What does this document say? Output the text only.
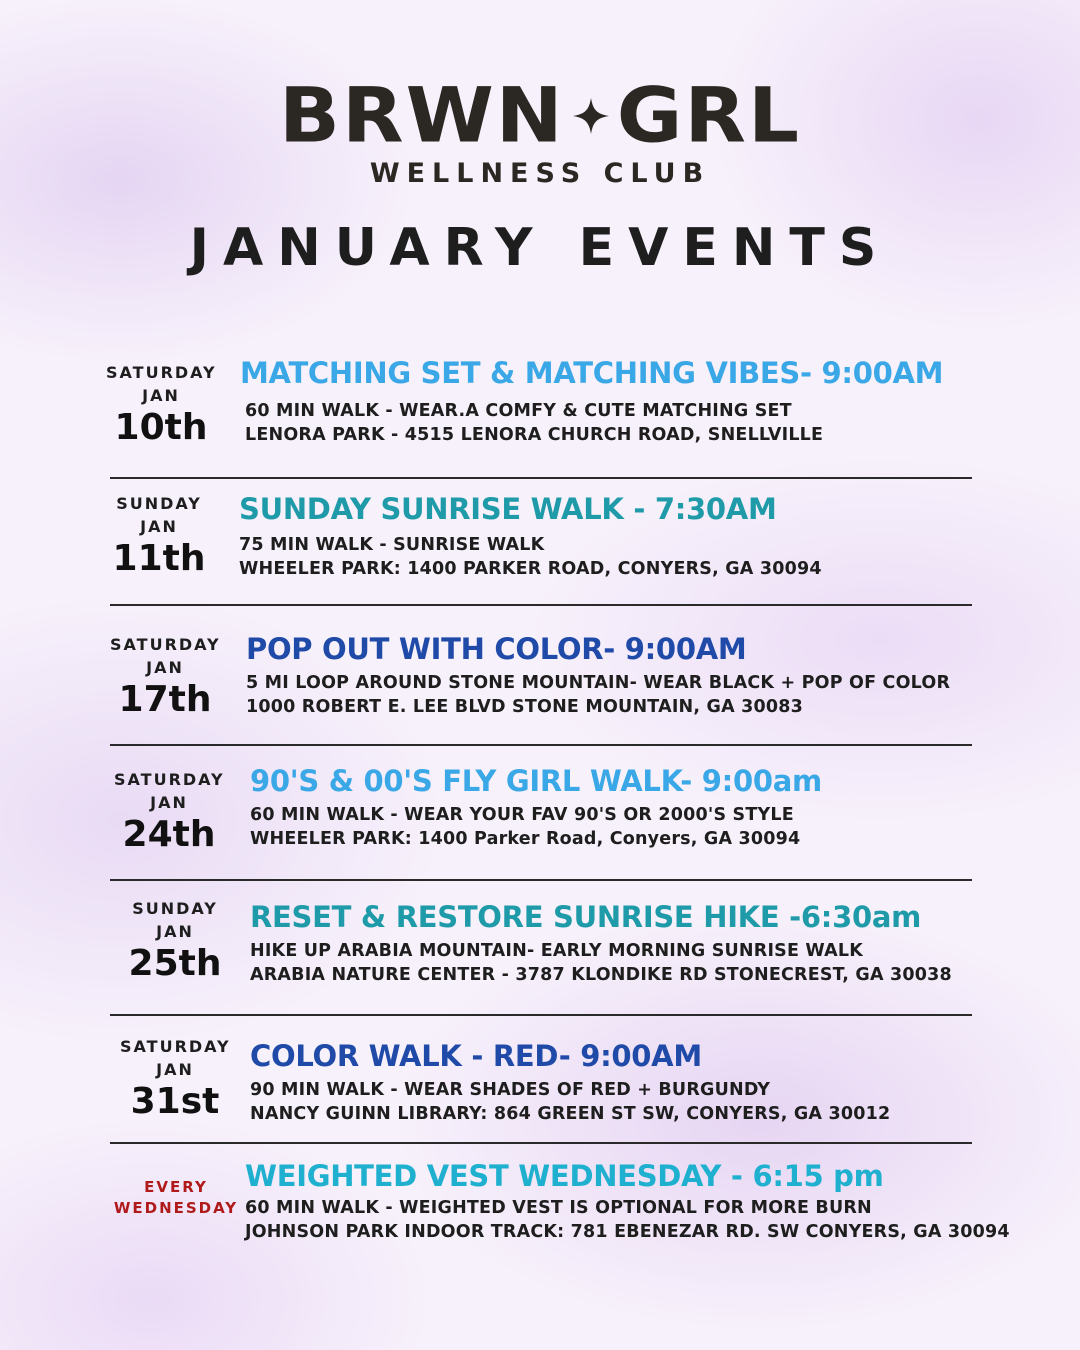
BRWN GRL
WELLNESS CLUB
JANUARY EVENTS
SATURDAY
JAN
10th
MATCHING SET & MATCHING VIBES- 9:00AM
60 MIN WALK - WEAR.A COMFY & CUTE MATCHING SET
LENORA PARK - 4515 LENORA CHURCH ROAD, SNELLVILLE
SUNDAY
JAN
11th
SUNDAY SUNRISE WALK - 7:30AM
75 MIN WALK - SUNRISE WALK
WHEELER PARK: 1400 PARKER ROAD, CONYERS, GA 30094
SATURDAY
JAN
17th
POP OUT WITH COLOR- 9:00AM
5 MI LOOP AROUND STONE MOUNTAIN- WEAR BLACK + POP OF COLOR
1000 ROBERT E. LEE BLVD STONE MOUNTAIN, GA 30083
SATURDAY
JAN
24th
90'S & 00'S FLY GIRL WALK- 9:00am
60 MIN WALK - WEAR YOUR FAV 90'S OR 2000'S STYLE
WHEELER PARK: 1400 Parker Road, Conyers, GA 30094
SUNDAY
JAN
25th
RESET & RESTORE SUNRISE HIKE -6:30am
HIKE UP ARABIA MOUNTAIN- EARLY MORNING SUNRISE WALK
ARABIA NATURE CENTER - 3787 KLONDIKE RD STONECREST, GA 30038
SATURDAY
JAN
31st
COLOR WALK - RED- 9:00AM
90 MIN WALK - WEAR SHADES OF RED + BURGUNDY
NANCY GUINN LIBRARY: 864 GREEN ST SW, CONYERS, GA 30012
EVERY
WEDNESDAY
WEIGHTED VEST WEDNESDAY - 6:15 pm
60 MIN WALK - WEIGHTED VEST IS OPTIONAL FOR MORE BURN
JOHNSON PARK INDOOR TRACK: 781 EBENEZAR RD. SW CONYERS, GA 30094
